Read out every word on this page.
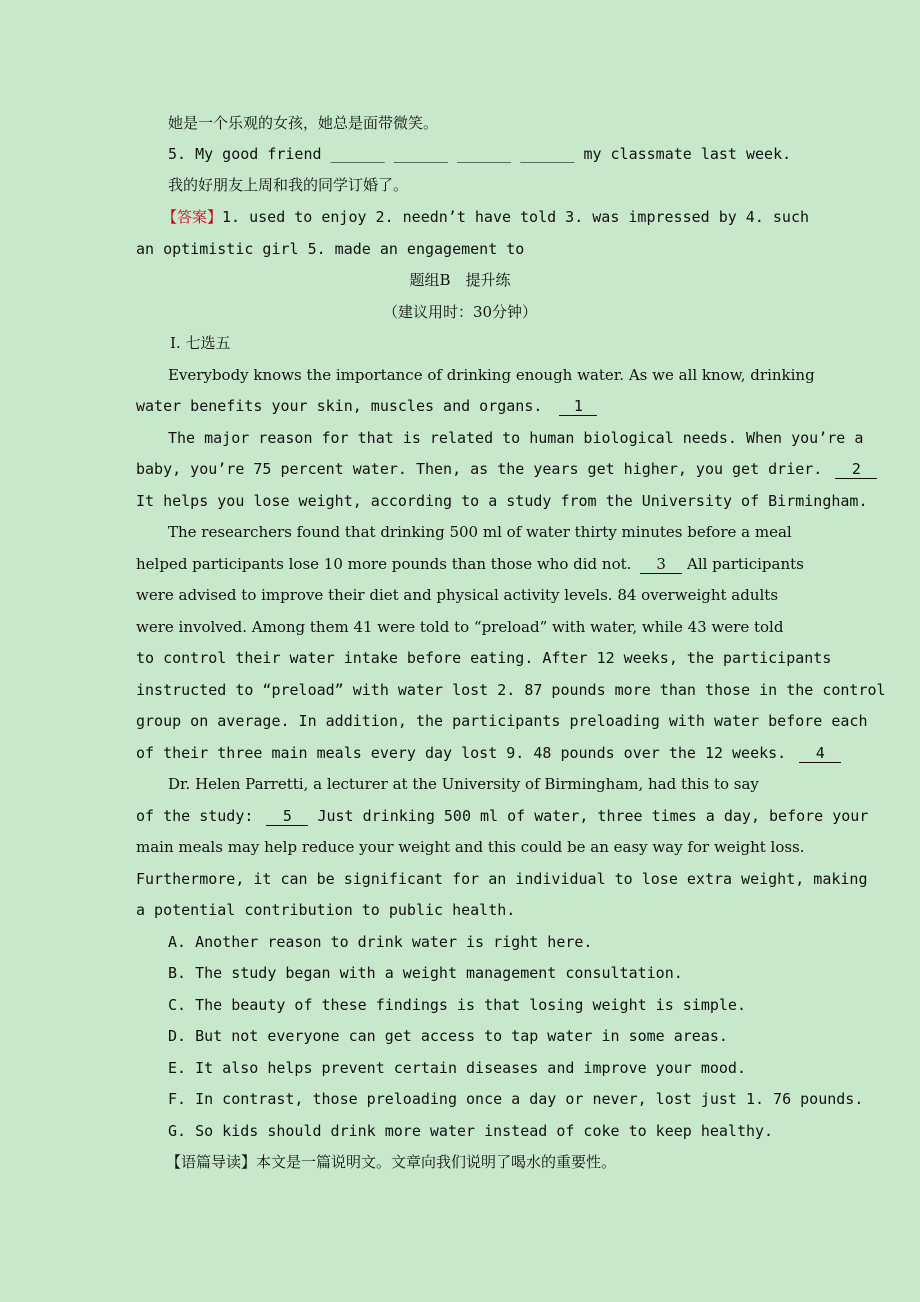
她是一个乐观的女孩，她总是面带微笑。
5. My good friend ______ ______ ______ ______ my classmate last week.
我的好朋友上周和我的同学订婚了。
【答案】1. used to enjoy 2. needn’t have told 3. was impressed by 4. such
an optimistic girl 5. made an engagement to
题组B　提升练
（建议用时：30分钟）
Ⅰ. 七选五
Everybody knows the importance of drinking enough water. As we all know, drinking
water benefits your skin, muscles and organs. 1
The major reason for that is related to human biological needs. When you’re a
baby, you’re 75 percent water. Then, as the years get higher, you get drier. 2
It helps you lose weight, according to a study from the University of Birmingham.
The researchers found that drinking 500 ml of water thirty minutes before a meal
helped participants lose 10 more pounds than those who did not. 3 All participants
were advised to improve their diet and physical activity levels. 84 overweight adults
were involved. Among them 41 were told to “preload” with water, while 43 were told
to control their water intake before eating. After 12 weeks, the participants
instructed to “preload” with water lost 2. 87 pounds more than those in the control
group on average. In addition, the participants preloading with water before each
of their three main meals every day lost 9. 48 pounds over the 12 weeks. 4
Dr. Helen Parretti, a lecturer at the University of Birmingham, had this to say
of the study: 5 Just drinking 500 ml of water, three times a day, before your
main meals may help reduce your weight and this could be an easy way for weight loss.
Furthermore, it can be significant for an individual to lose extra weight, making
a potential contribution to public health.
A. Another reason to drink water is right here.
B. The study began with a weight management consultation.
C. The beauty of these findings is that losing weight is simple.
D. But not everyone can get access to tap water in some areas.
E. It also helps prevent certain diseases and improve your mood.
F. In contrast, those preloading once a day or never, lost just 1. 76 pounds.
G. So kids should drink more water instead of coke to keep healthy.
【语篇导读】本文是一篇说明文。文章向我们说明了喝水的重要性。
